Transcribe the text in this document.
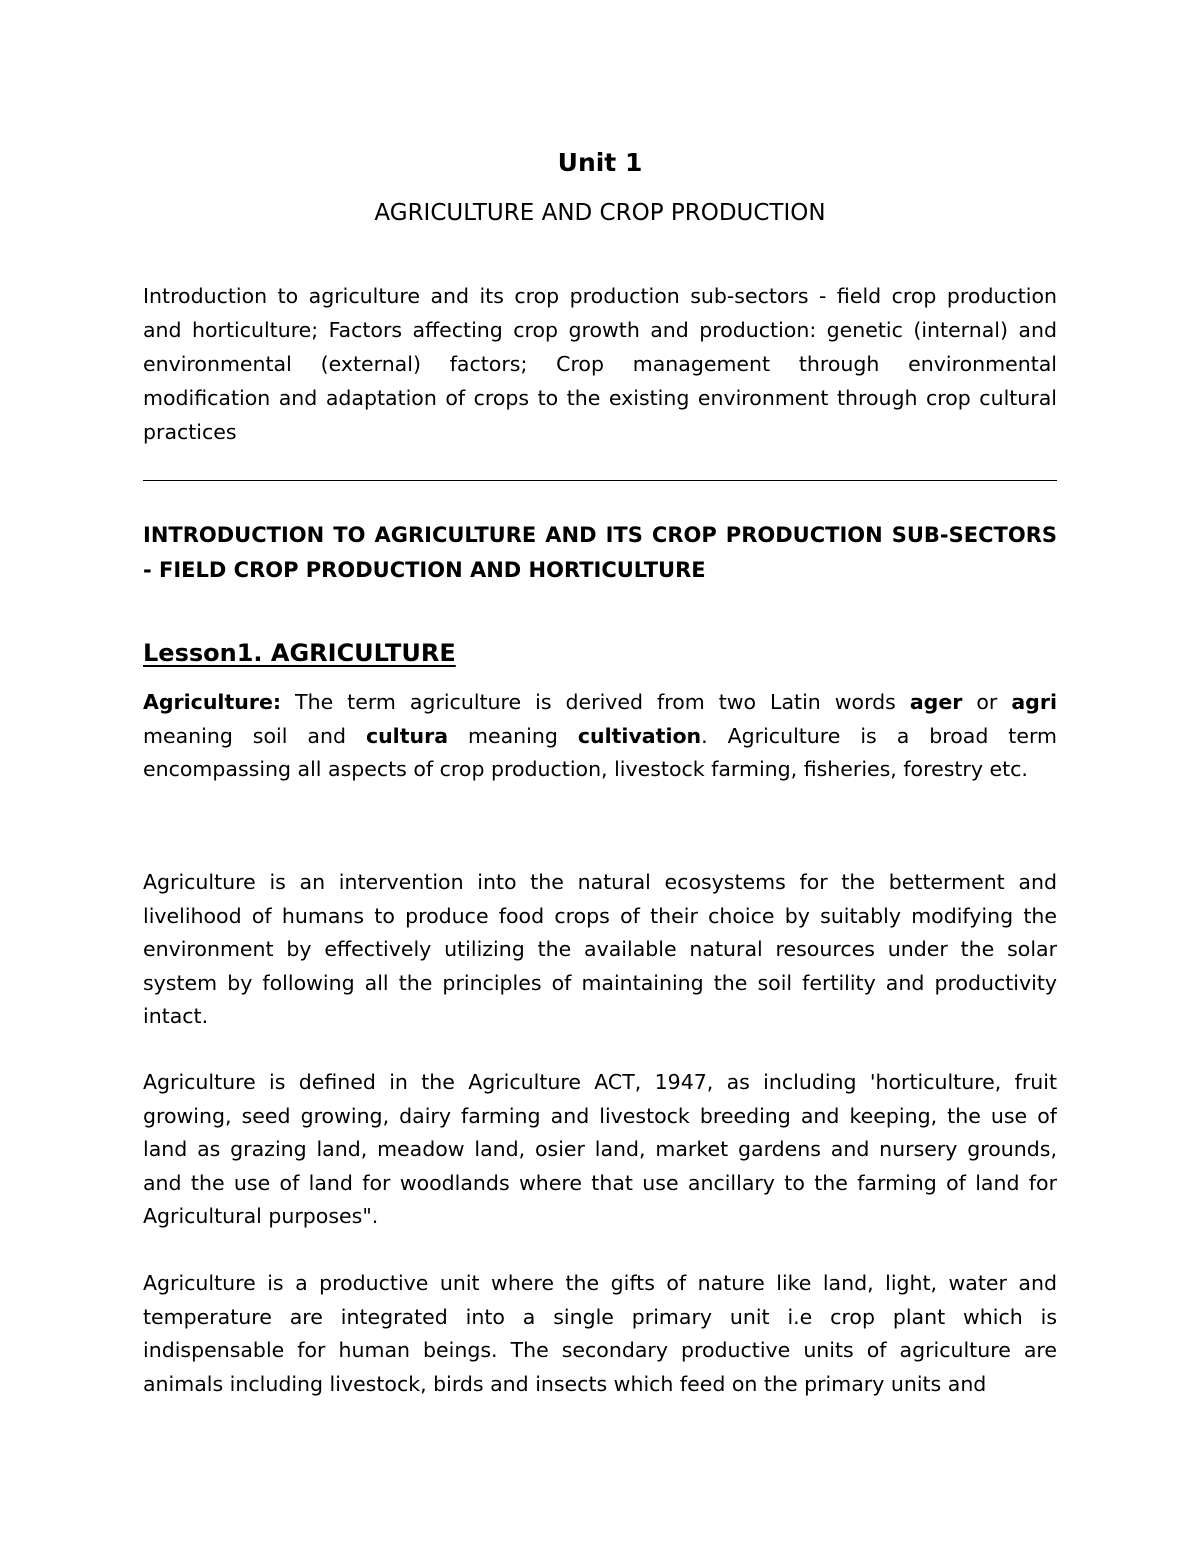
Unit 1
AGRICULTURE AND CROP PRODUCTION

Introduction to agriculture and its crop production sub-sectors - field crop production and horticulture; Factors affecting crop growth and production: genetic (internal) and environmental (external) factors; Crop management through environmental modification and adaptation of crops to the existing environment through crop cultural practices

INTRODUCTION TO AGRICULTURE AND ITS CROP PRODUCTION SUB-SECTORS - FIELD CROP PRODUCTION AND HORTICULTURE

Lesson1. AGRICULTURE

Agriculture: The term agriculture is derived from two Latin words ager or agri meaning soil and cultura meaning cultivation. Agriculture is a broad term encompassing all aspects of crop production, livestock farming, fisheries, forestry etc.

Agriculture is an intervention into the natural ecosystems for the betterment and livelihood of humans to produce food crops of their choice by suitably modifying the environment by effectively utilizing the available natural resources under the solar system by following all the principles of maintaining the soil fertility and productivity intact.

Agriculture is defined in the Agriculture ACT, 1947, as including 'horticulture, fruit growing, seed growing, dairy farming and livestock breeding and keeping, the use of land as grazing land, meadow land, osier land, market gardens and nursery grounds, and the use of land for woodlands where that use ancillary to the farming of land for Agricultural purposes".

Agriculture is a productive unit where the gifts of nature like land, light, water and temperature are integrated into a single primary unit i.e crop plant which is indispensable for human beings. The secondary productive units of agriculture are animals including livestock, birds and insects which feed on the primary units and
